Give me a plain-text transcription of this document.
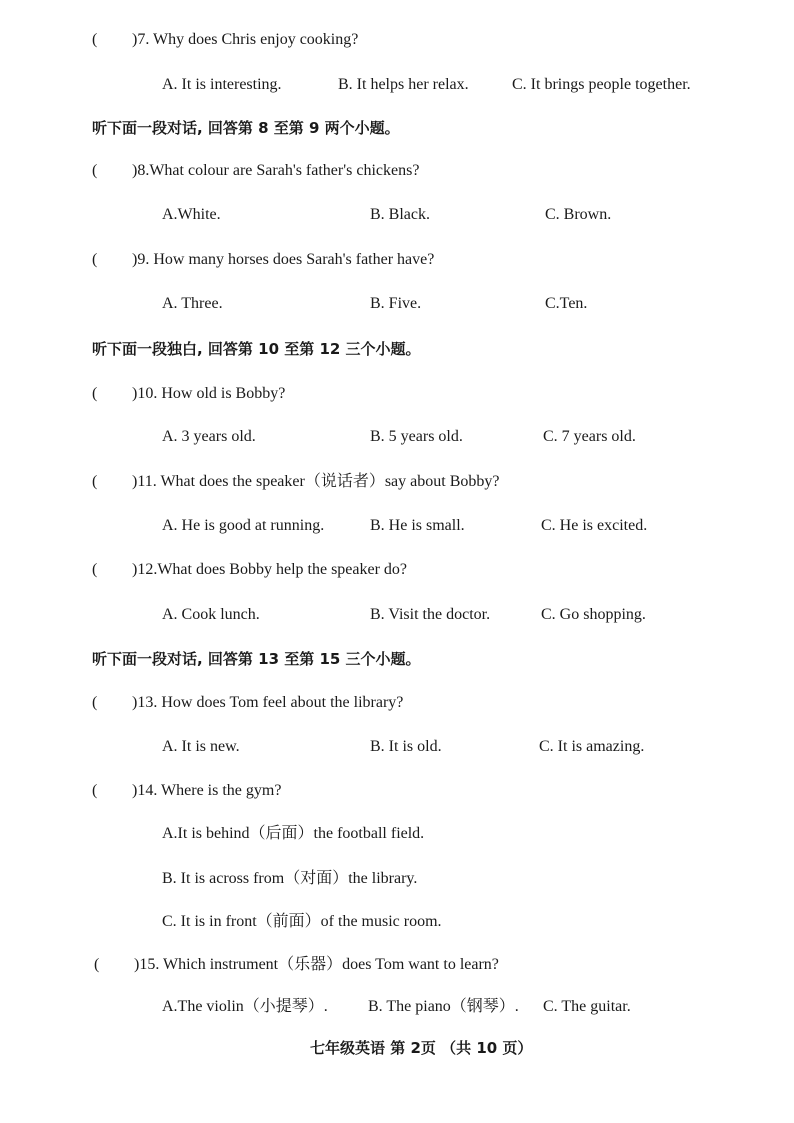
( )7. Why does Chris enjoy cooking?
A. It is interesting.	B. It helps her relax.	C. It brings people together.
听下面一段对话, 回答第 8 至第 9 两个小题。
( )8.What colour are Sarah's father's chickens?
A.White.	B. Black.	C. Brown.
( )9. How many horses does Sarah's father have?
A. Three.	B. Five.	C.Ten.
听下面一段独白, 回答第 10 至第 12 三个小题。
( )10. How old is Bobby?
A. 3 years old.	B. 5 years old.	C. 7 years old.
( )11. What does the speaker（说话者）say about Bobby?
A. He is good at running.	B. He is small.	C. He is excited.
( )12.What does Bobby help the speaker do?
A. Cook lunch.	B. Visit the doctor.	C. Go shopping.
听下面一段对话, 回答第 13 至第 15 三个小题。
( )13. How does Tom feel about the library?
A. It is new.	B. It is old.	C. It is amazing.
( )14. Where is the gym?
A.It is behind（后面）the football field.
B. It is across from（对面）the library.
C. It is in front（前面）of the music room.
( )15. Which instrument（乐器）does Tom want to learn?
A.The violin（小提琴）.	B. The piano（钢琴）. C. The guitar.
七年级英语 第 2页 （共 10 页）
